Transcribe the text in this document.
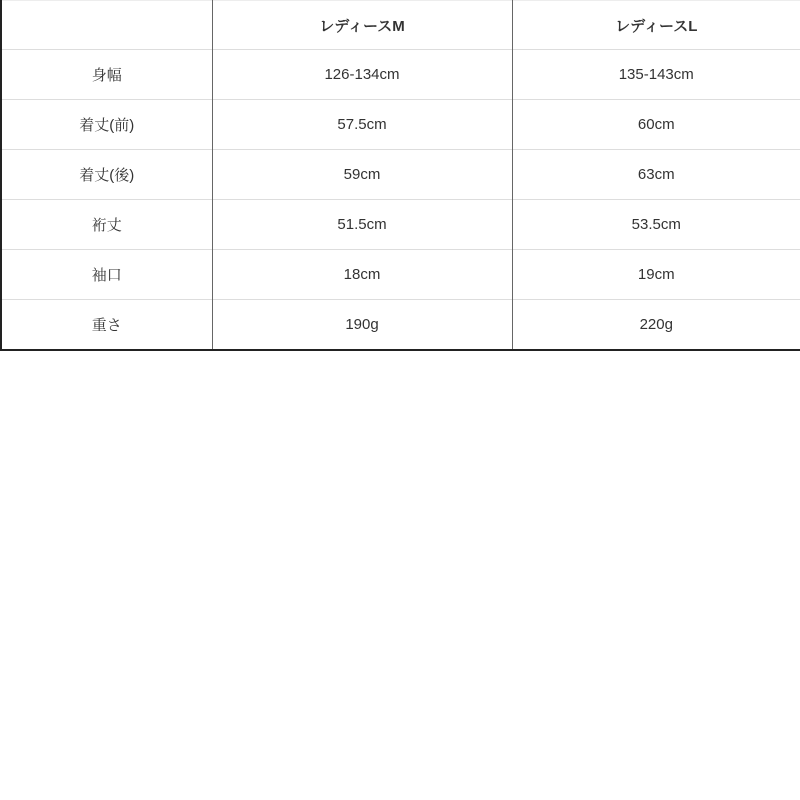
	レディースM	レディースL
身幅	126-134cm	135-143cm
着丈(前)	57.5cm	60cm
着丈(後)	59cm	63cm
裄丈	51.5cm	53.5cm
袖口	18cm	19cm
重さ	190g	220g
